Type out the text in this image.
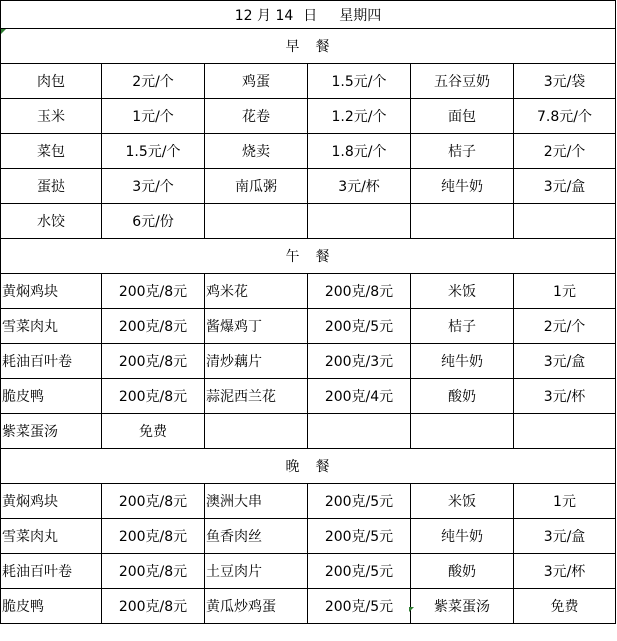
12 月 14 日 星期四					
早　餐					
肉包	2元/个	鸡蛋	1.5元/个	五谷豆奶	3元/袋
玉米	1元/个	花卷	1.2元/个	面包	7.8元/个
菜包	1.5元/个	烧卖	1.8元/个	桔子	2元/个
蛋挞	3元/个	南瓜粥	3元/杯	纯牛奶	3元/盒
水饺	6元/份				
午　餐					
黄焖鸡块	200克/8元	鸡米花	200克/8元	米饭	1元
雪菜肉丸	200克/8元	酱爆鸡丁	200克/5元	桔子	2元/个
耗油百叶卷	200克/8元	清炒藕片	200克/3元	纯牛奶	3元/盒
脆皮鸭	200克/8元	蒜泥西兰花	200克/4元	酸奶	3元/杯
紫菜蛋汤	免费				
晚　餐					
黄焖鸡块	200克/8元	澳洲大串	200克/5元	米饭	1元
雪菜肉丸	200克/8元	鱼香肉丝	200克/5元	纯牛奶	3元/盒
耗油百叶卷	200克/8元	土豆肉片	200克/5元	酸奶	3元/杯
脆皮鸭	200克/8元	黄瓜炒鸡蛋	200克/5元	紫菜蛋汤	免费
